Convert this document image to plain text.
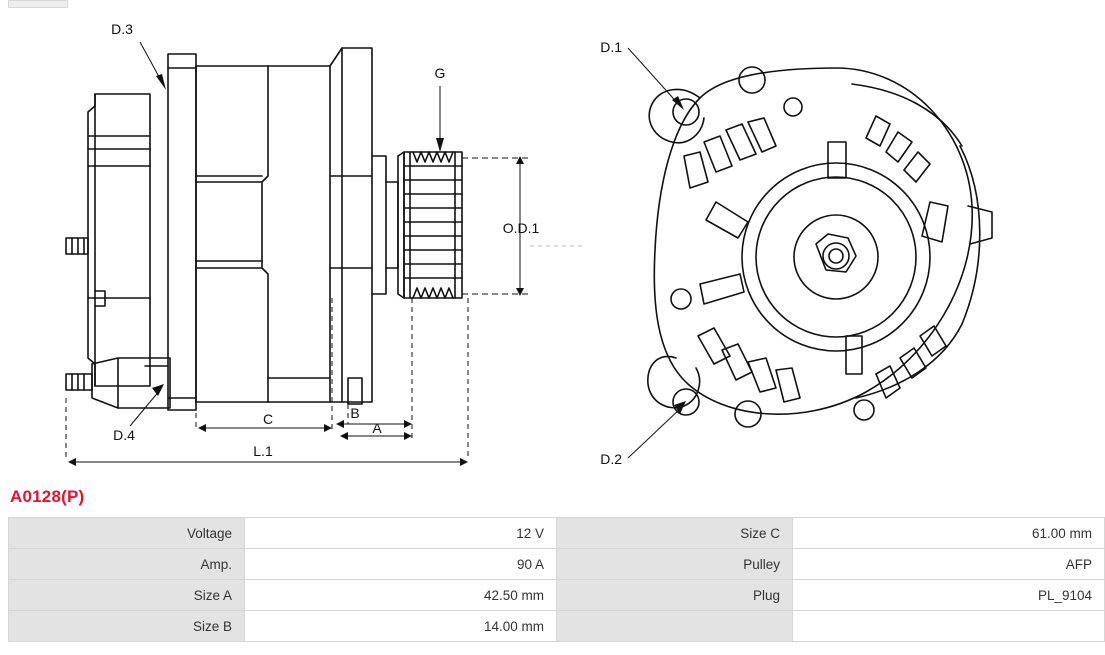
O.D.1
G
D.3
D.4
C	B
A
L.1
D.1
D.2
A0128(P)
Voltage	12 V	Size C	61.00 mm
Amp.	90 A	Pulley	AFP
Size A	42.50 mm	Plug	PL_9104
Size B	14.00 mm		
